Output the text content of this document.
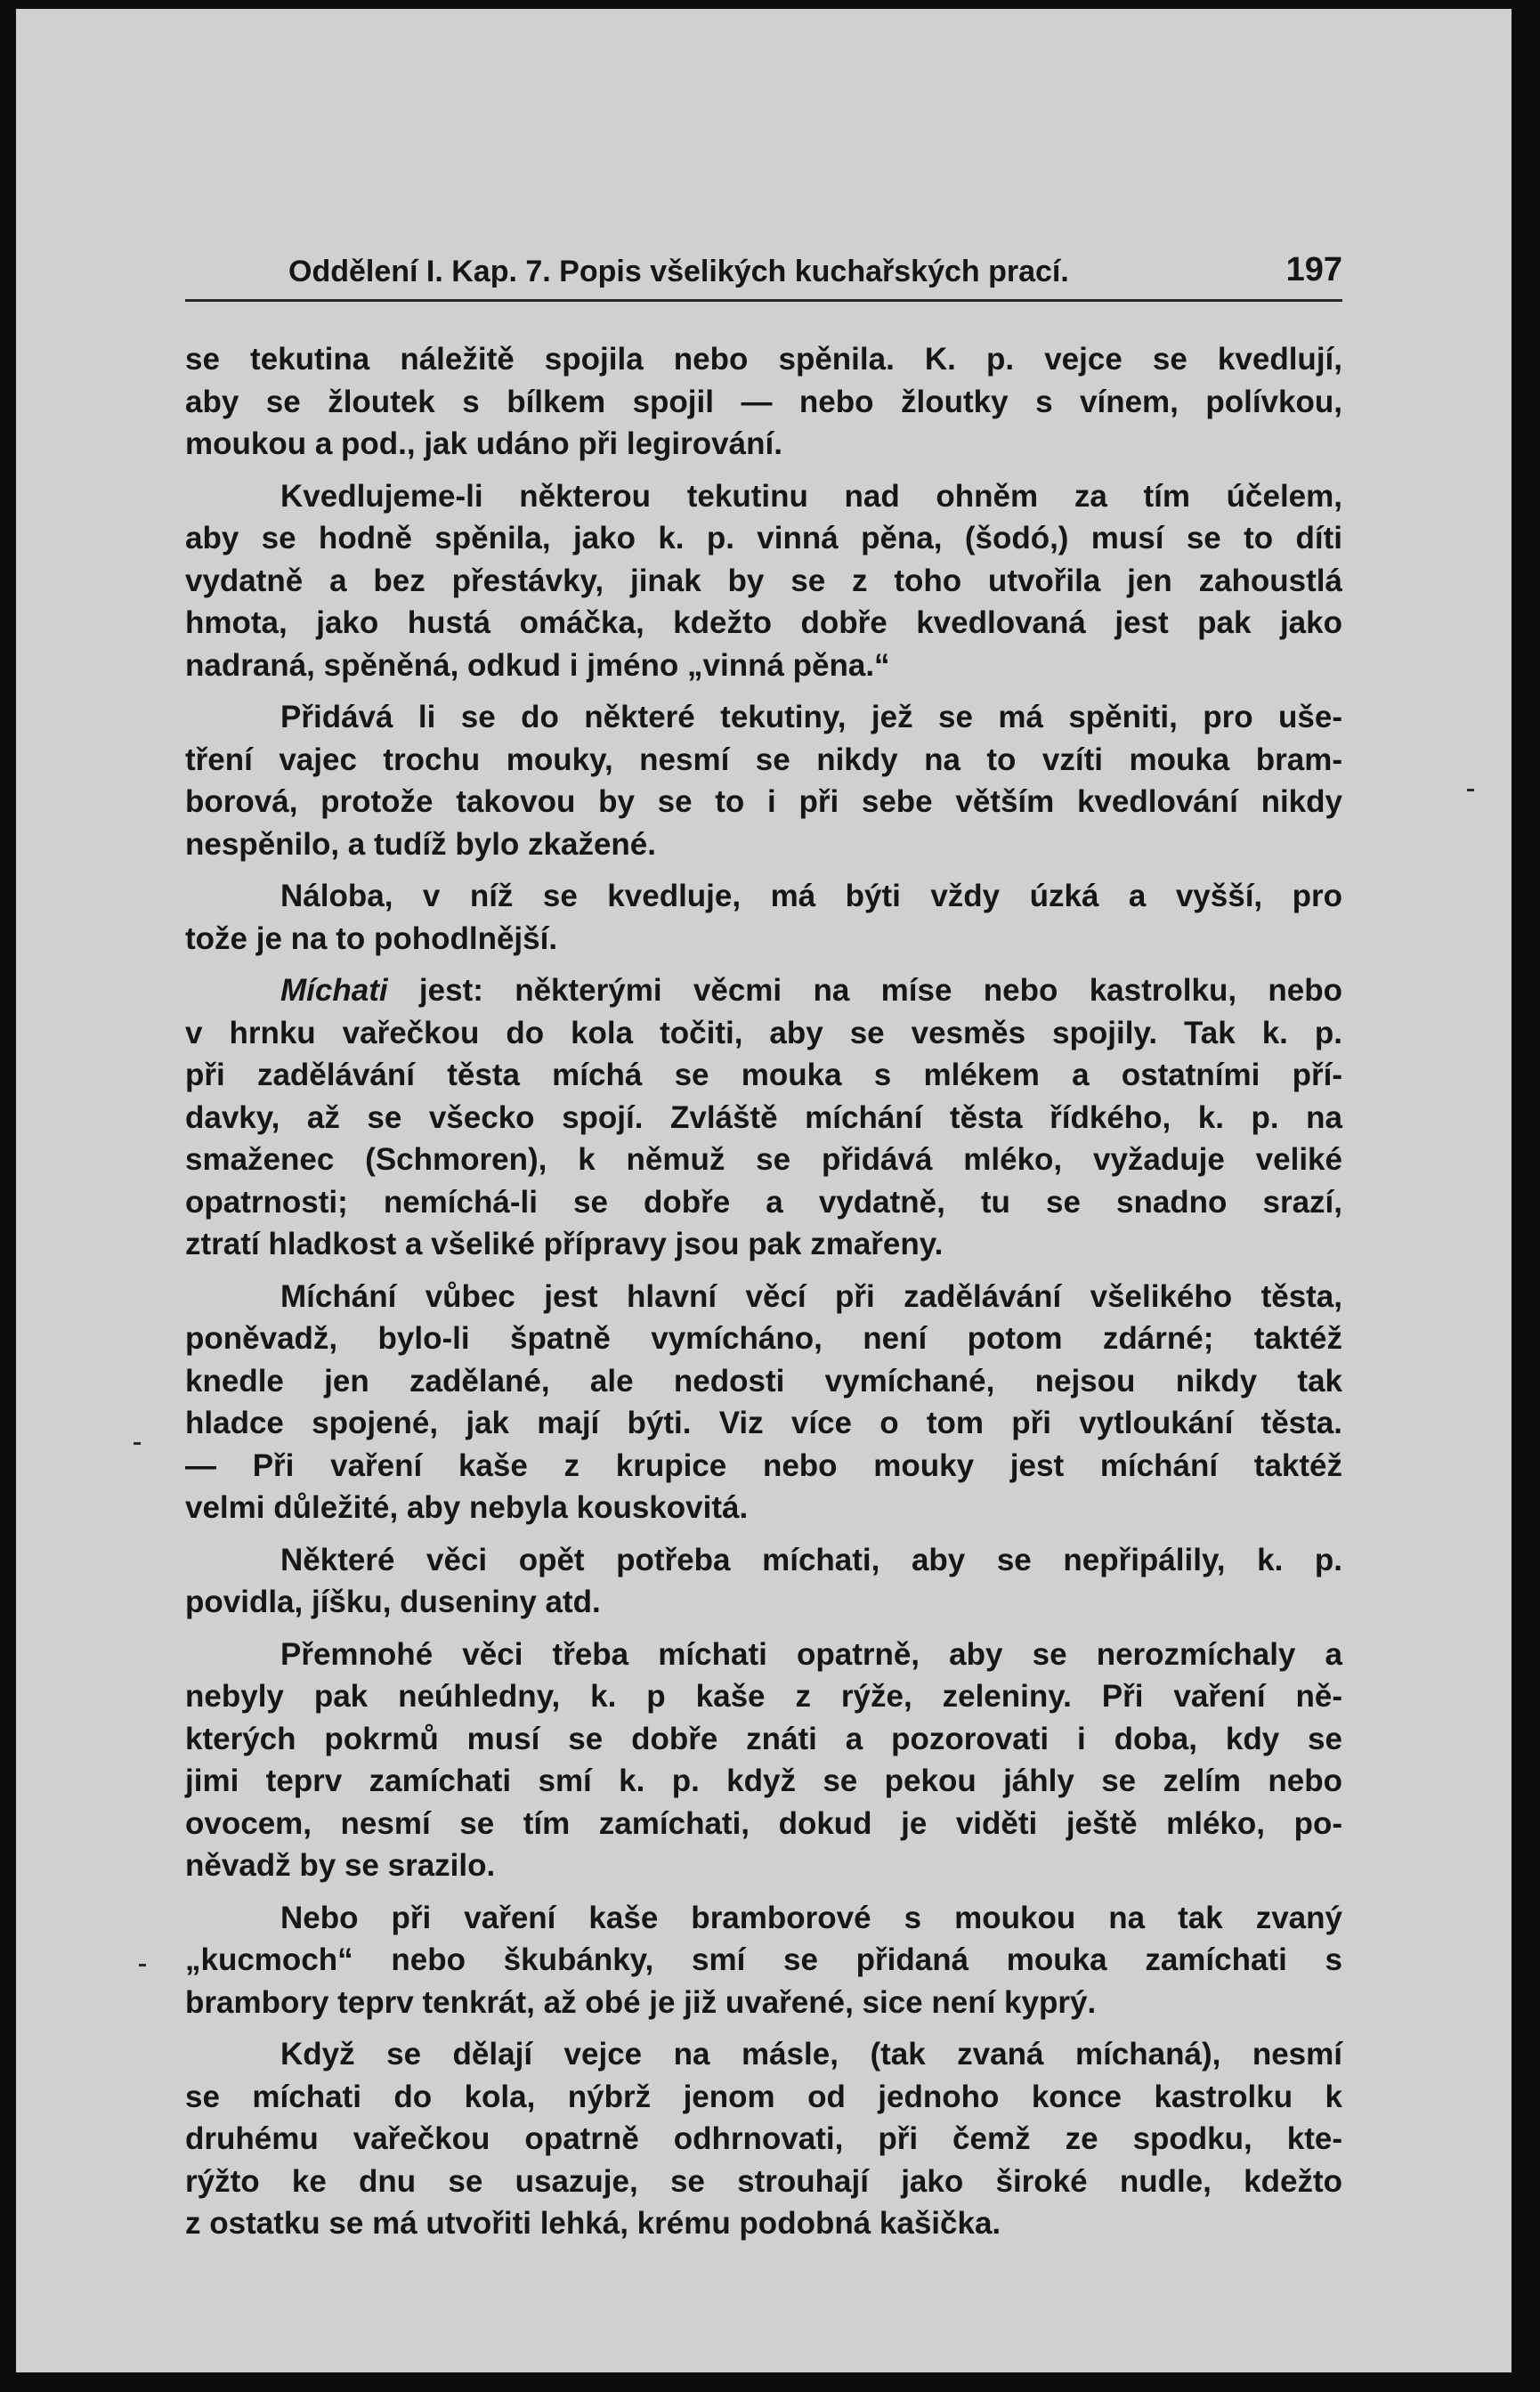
Oddělení I. Kap. 7. Popis všelikých kuchařských prací.	197
se tekutina náležitě spojila nebo spěnila. K. p. vejce se kvedlují,
aby se žloutek s bílkem spojil — nebo žloutky s vínem, polívkou,
moukou a pod., jak udáno při legirování.
Kvedlujeme-li některou tekutinu nad ohněm za tím účelem,
aby se hodně spěnila, jako k. p. vinná pěna, (šodó,) musí se to díti
vydatně a bez přestávky, jinak by se z toho utvořila jen zahoustlá
hmota, jako hustá omáčka, kdežto dobře kvedlovaná jest pak jako
nadraná, spěněná, odkud i jméno „vinná pěna.“
Přidává li se do některé tekutiny, jež se má spěniti, pro uše-
tření vajec trochu mouky, nesmí se nikdy na to vzíti mouka bram-
borová, protože takovou by se to i při sebe větším kvedlování nikdy
nespěnilo, a tudíž bylo zkažené.
Náloba, v níž se kvedluje, má býti vždy úzká a vyšší, pro
tože je na to pohodlnější.
Míchati jest: některými věcmi na míse nebo kastrolku, nebo
v hrnku vařečkou do kola točiti, aby se vesměs spojily. Tak k. p.
při zadělávání těsta míchá se mouka s mlékem a ostatními pří-
davky, až se všecko spojí. Zvláště míchání těsta řídkého, k. p. na
smaženec (Schmoren), k němuž se přidává mléko, vyžaduje veliké
opatrnosti; nemíchá-li se dobře a vydatně, tu se snadno srazí,
ztratí hladkost a všeliké přípravy jsou pak zmařeny.
Míchání vůbec jest hlavní věcí při zadělávání všelikého těsta,
poněvadž, bylo-li špatně vymícháno, není potom zdárné; taktéž
knedle jen zadělané, ale nedosti vymíchané, nejsou nikdy tak
hladce spojené, jak mají býti. Viz více o tom při vytloukání těsta.
— Při vaření kaše z krupice nebo mouky jest míchání taktéž
velmi důležité, aby nebyla kouskovitá.
Některé věci opět potřeba míchati, aby se nepřipálily, k. p.
povidla, jíšku, duseniny atd.
Přemnohé věci třeba míchati opatrně, aby se nerozmíchaly a
nebyly pak neúhledny, k. p kaše z rýže, zeleniny. Při vaření ně-
kterých pokrmů musí se dobře znáti a pozorovati i doba, kdy se
jimi teprv zamíchati smí k. p. když se pekou jáhly se zelím nebo
ovocem, nesmí se tím zamíchati, dokud je viděti ještě mléko, po-
něvadž by se srazilo.
Nebo při vaření kaše bramborové s moukou na tak zvaný
„kucmoch“ nebo škubánky, smí se přidaná mouka zamíchati s
brambory teprv tenkrát, až obé je již uvařené, sice není kyprý.
Když se dělají vejce na másle, (tak zvaná míchaná), nesmí
se míchati do kola, nýbrž jenom od jednoho konce kastrolku k
druhému vařečkou opatrně odhrnovati, při čemž ze spodku, kte-
rýžto ke dnu se usazuje, se strouhají jako široké nudle, kdežto
z ostatku se má utvořiti lehká, krému podobná kašička.
